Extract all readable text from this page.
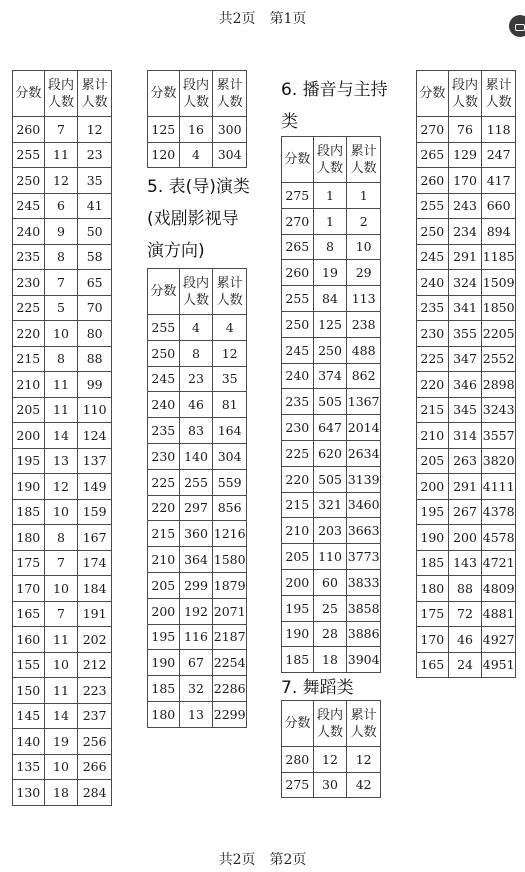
共2页　第1页
分数	段内
人数	累计
人数

260	7	12
255	11	23
250	12	35
245	6	41
240	9	50
235	8	58
230	7	65
225	5	70
220	10	80
215	8	88
210	11	99
205	11	110
200	14	124
195	13	137
190	12	149
185	10	159
180	8	167
175	7	174
170	10	184
165	7	191
160	11	202
155	10	212
150	11	223
145	14	237
140	19	256
135	10	266
130	18	284
分数	段内
人数	累计
人数

125	16	300
120	4	304
5. 表(导)演类
(戏剧影视导
演方向)
分数	段内
人数	累计
人数

255	4	4
250	8	12
245	23	35
240	46	81
235	83	164
230	140	304
225	255	559
220	297	856
215	360	1216
210	364	1580
205	299	1879
200	192	2071
195	116	2187
190	67	2254
185	32	2286
180	13	2299
6. 播音与主持
类
分数	段内
人数	累计
人数

275	1	1
270	1	2
265	8	10
260	19	29
255	84	113
250	125	238
245	250	488
240	374	862
235	505	1367
230	647	2014
225	620	2634
220	505	3139
215	321	3460
210	203	3663
205	110	3773
200	60	3833
195	25	3858
190	28	3886
185	18	3904
7. 舞蹈类
分数	段内
人数	累计
人数

280	12	12
275	30	42
分数	段内
人数	累计
人数

270	76	118
265	129	247
260	170	417
255	243	660
250	234	894
245	291	1185
240	324	1509
235	341	1850
230	355	2205
225	347	2552
220	346	2898
215	345	3243
210	314	3557
205	263	3820
200	291	4111
195	267	4378
190	200	4578
185	143	4721
180	88	4809
175	72	4881
170	46	4927
165	24	4951
共2页　第2页
